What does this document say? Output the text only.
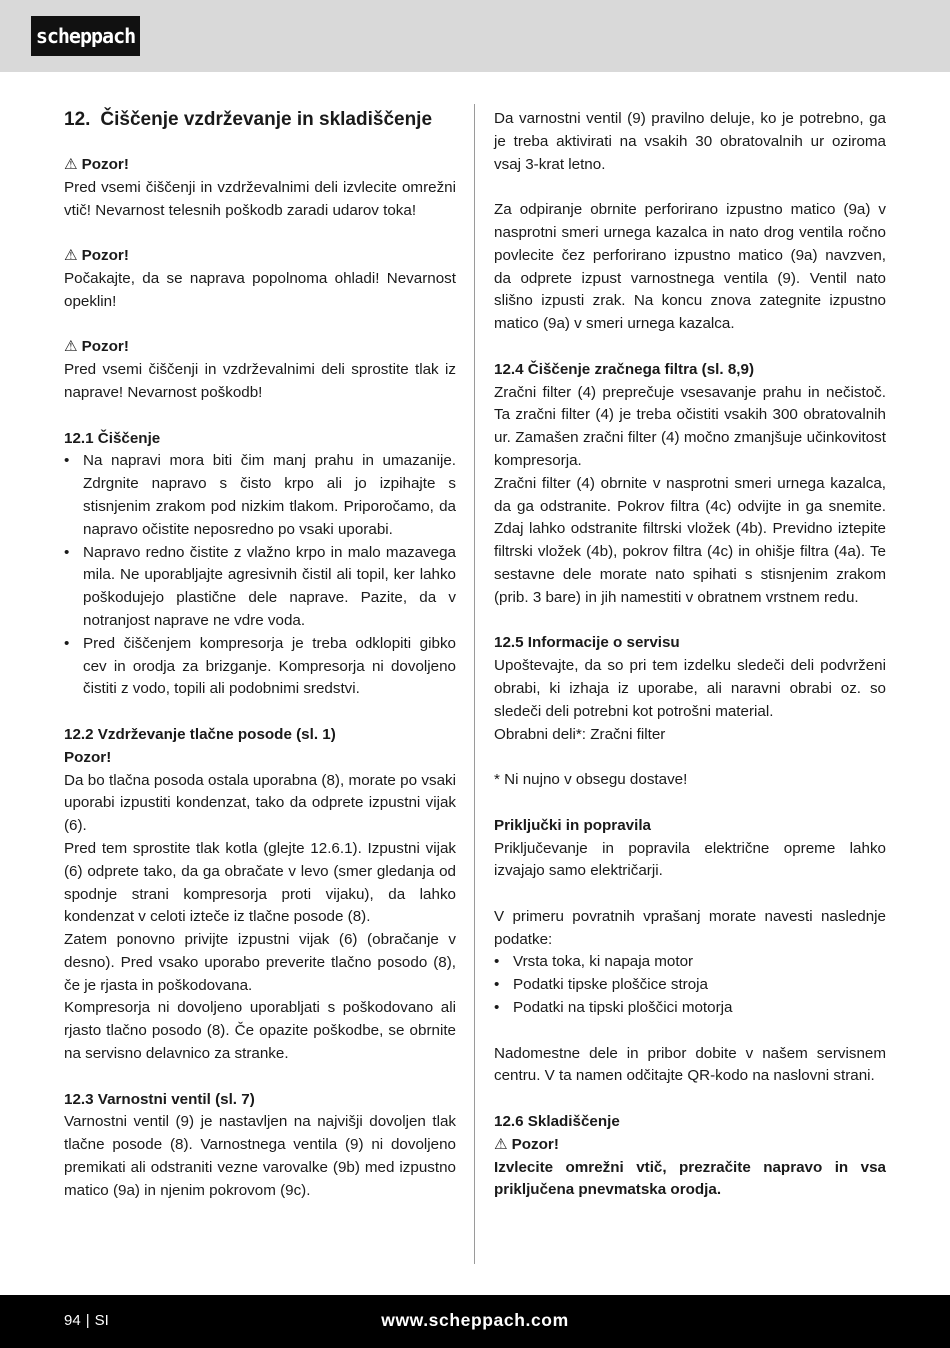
scheppach
12. Čiščenje vzdrževanje in skladiščenje
⚠ Pozor!

Pred vsemi čiščenji in vzdrževalnimi deli izvlecite omrežni vtič! Nevarnost telesnih poškodb zaradi udarov toka!

⚠ Pozor!

Počakajte, da se naprava popolnoma ohladi! Nevarnost opeklin!

⚠ Pozor!

Pred vsemi čiščenji in vzdrževalnimi deli sprostite tlak iz naprave! Nevarnost poškodb!

12.1 Čiščenje
• Na napravi mora biti čim manj prahu in umazanije. Zdrgnite napravo s čisto krpo ali jo izpihajte s stisnjenim zrakom pod nizkim tlakom. Priporočamo, da napravo očistite neposredno po vsaki uporabi.
• Napravo redno čistite z vlažno krpo in malo mazavega mila. Ne uporabljajte agresivnih čistil ali topil, ker lahko poškodujejo plastične dele naprave. Pazite, da v notranjost naprave ne vdre voda.
• Pred čiščenjem kompresorja je treba odklopiti gibko cev in orodja za brizganje. Kompresorja ni dovoljeno čistiti z vodo, topili ali podobnimi sredstvi.
12.2 Vzdrževanje tlačne posode (sl. 1)
Pozor!

Da bo tlačna posoda ostala uporabna (8), morate po vsaki uporabi izpustiti kondenzat, tako da odprete izpustni vijak (6).

Pred tem sprostite tlak kotla (glejte 12.6.1). Izpustni vijak (6) odprete tako, da ga obračate v levo (smer gledanja od spodnje strani kompresorja proti vijaku), da lahko kondenzat v celoti izteče iz tlačne posode (8).

Zatem ponovno privijte izpustni vijak (6) (obračanje v desno). Pred vsako uporabo preverite tlačno posodo (8), če je rjasta in poškodovana.

Kompresorja ni dovoljeno uporabljati s poškodovano ali rjasto tlačno posodo (8). Če opazite poškodbe, se obrnite na servisno delavnico za stranke.

12.3 Varnostni ventil (sl. 7)

Varnostni ventil (9) je nastavljen na najvišji dovoljen tlak tlačne posode (8). Varnostnega ventila (9) ni dovoljeno premikati ali odstraniti vezne varovalke (9b) med izpustno matico (9a) in njenim pokrovom (9c).

Da varnostni ventil (9) pravilno deluje, ko je potrebno, ga je treba aktivirati na vsakih 30 obratovalnih ur oziroma vsaj 3-krat letno.

Za odpiranje obrnite perforirano izpustno matico (9a) v nasprotni smeri urnega kazalca in nato drog ventila ročno povlecite čez perforirano izpustno matico (9a) navzven, da odprete izpust varnostnega ventila (9). Ventil nato slišno izpusti zrak. Na koncu znova zategnite izpustno matico (9a) v smeri urnega kazalca.

12.4 Čiščenje zračnega filtra (sl. 8,9)

Zračni filter (4) preprečuje vsesavanje prahu in nečistoč. Ta zračni filter (4) je treba očistiti vsakih 300 obratovalnih ur. Zamašen zračni filter (4) močno zmanjšuje učinkovitost kompresorja.

Zračni filter (4) obrnite v nasprotni smeri urnega kazalca, da ga odstranite. Pokrov filtra (4c) odvijte in ga snemite. Zdaj lahko odstranite filtrski vložek (4b). Previdno iztepite filtrski vložek (4b), pokrov filtra (4c) in ohišje filtra (4a). Te sestavne dele morate nato spihati s stisnjenim zrakom (prib. 3 bare) in jih namestiti v obratnem vrstnem redu.

12.5 Informacije o servisu

Upoštevajte, da so pri tem izdelku sledeči deli podvrženi obrabi, ki izhaja iz uporabe, ali naravni obrabi oz. so sledeči deli potrebni kot potrošni material.

Obrabni deli*: Zračni filter

* Ni nujno v obsegu dostave!

Priključki in popravila

Priključevanje in popravila električne opreme lahko izvajajo samo električarji.

V primeru povratnih vprašanj morate navesti naslednje podatke:

• Vrsta toka, ki napaja motor
• Podatki tipske ploščice stroja
• Podatki na tipski ploščici motorja

Nadomestne dele in pribor dobite v našem servisnem centru. V ta namen odčitajte QR-kodo na naslovni strani.

12.6 Skladiščenje
⚠ Pozor!

Izvlecite omrežni vtič, prezračite napravo in vsa priključena pnevmatska orodja.

94 | SI	www.scheppach.com
